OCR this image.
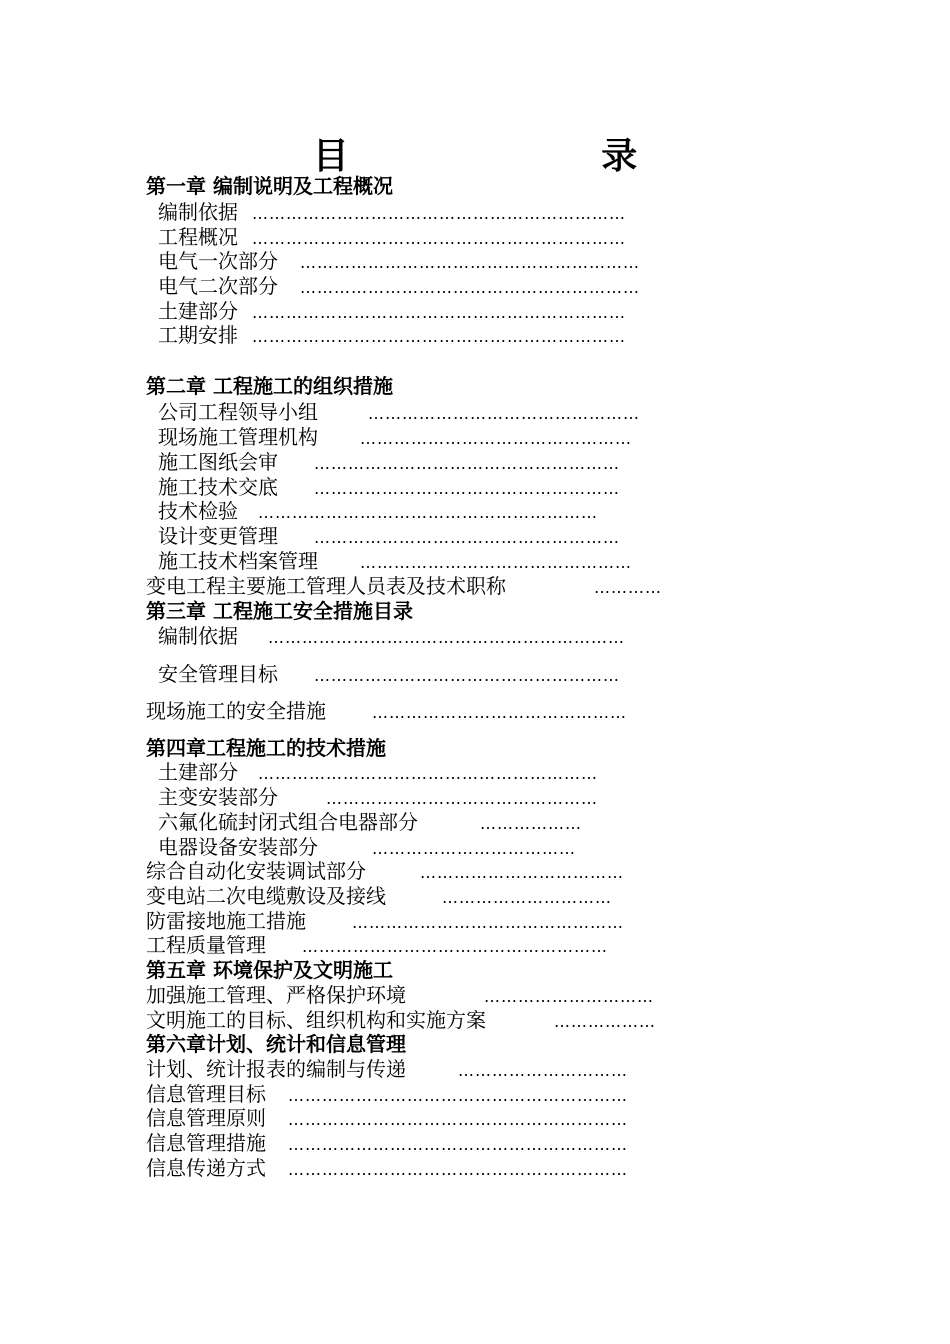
目 录
第一章 编制说明及工程概况
编制依据 …………………………………………………………
工程概况 …………………………………………………………
电气一次部分 ……………………………………………………
电气二次部分 ……………………………………………………
土建部分 …………………………………………………………
工期安排 …………………………………………………………
第二章 工程施工的组织措施
公司工程领导小组	…………………………………………
现场施工管理机构	…………………………………………
施工图纸会审 ………………………………………………
施工技术交底 ………………………………………………
技术检验 ……………………………………………………
设计变更管理 ………………………………………………
施工技术档案管理	…………………………………………
变电工程主要施工管理人员表及技术职称	…………
第三章 工程施工安全措施目录
编制依据 ………………………………………………………
安全管理目标 ………………………………………………
现场施工的安全措施	………………………………………
第四章工程施工的技术措施
土建部分 ……………………………………………………
主变安装部分	…………………………………………
六氟化硫封闭式组合电器部分	………………
电器设备安装部分	………………………………
综合自动化安装调试部分	………………………………
变电站二次电缆敷设及接线	…………………………
防雷接地施工措施	…………………………………………
工程质量管理 ………………………………………………
第五章 环境保护及文明施工
加强施工管理、严格保护环境	…………………………
文明施工的目标、组织机构和实施方案	………………
第六章计划、统计和信息管理
计划、统计报表的编制与传递	…………………………
信息管理目标 ……………………………………………………
信息管理原则 ……………………………………………………
信息管理措施 ……………………………………………………
信息传递方式 ……………………………………………………
